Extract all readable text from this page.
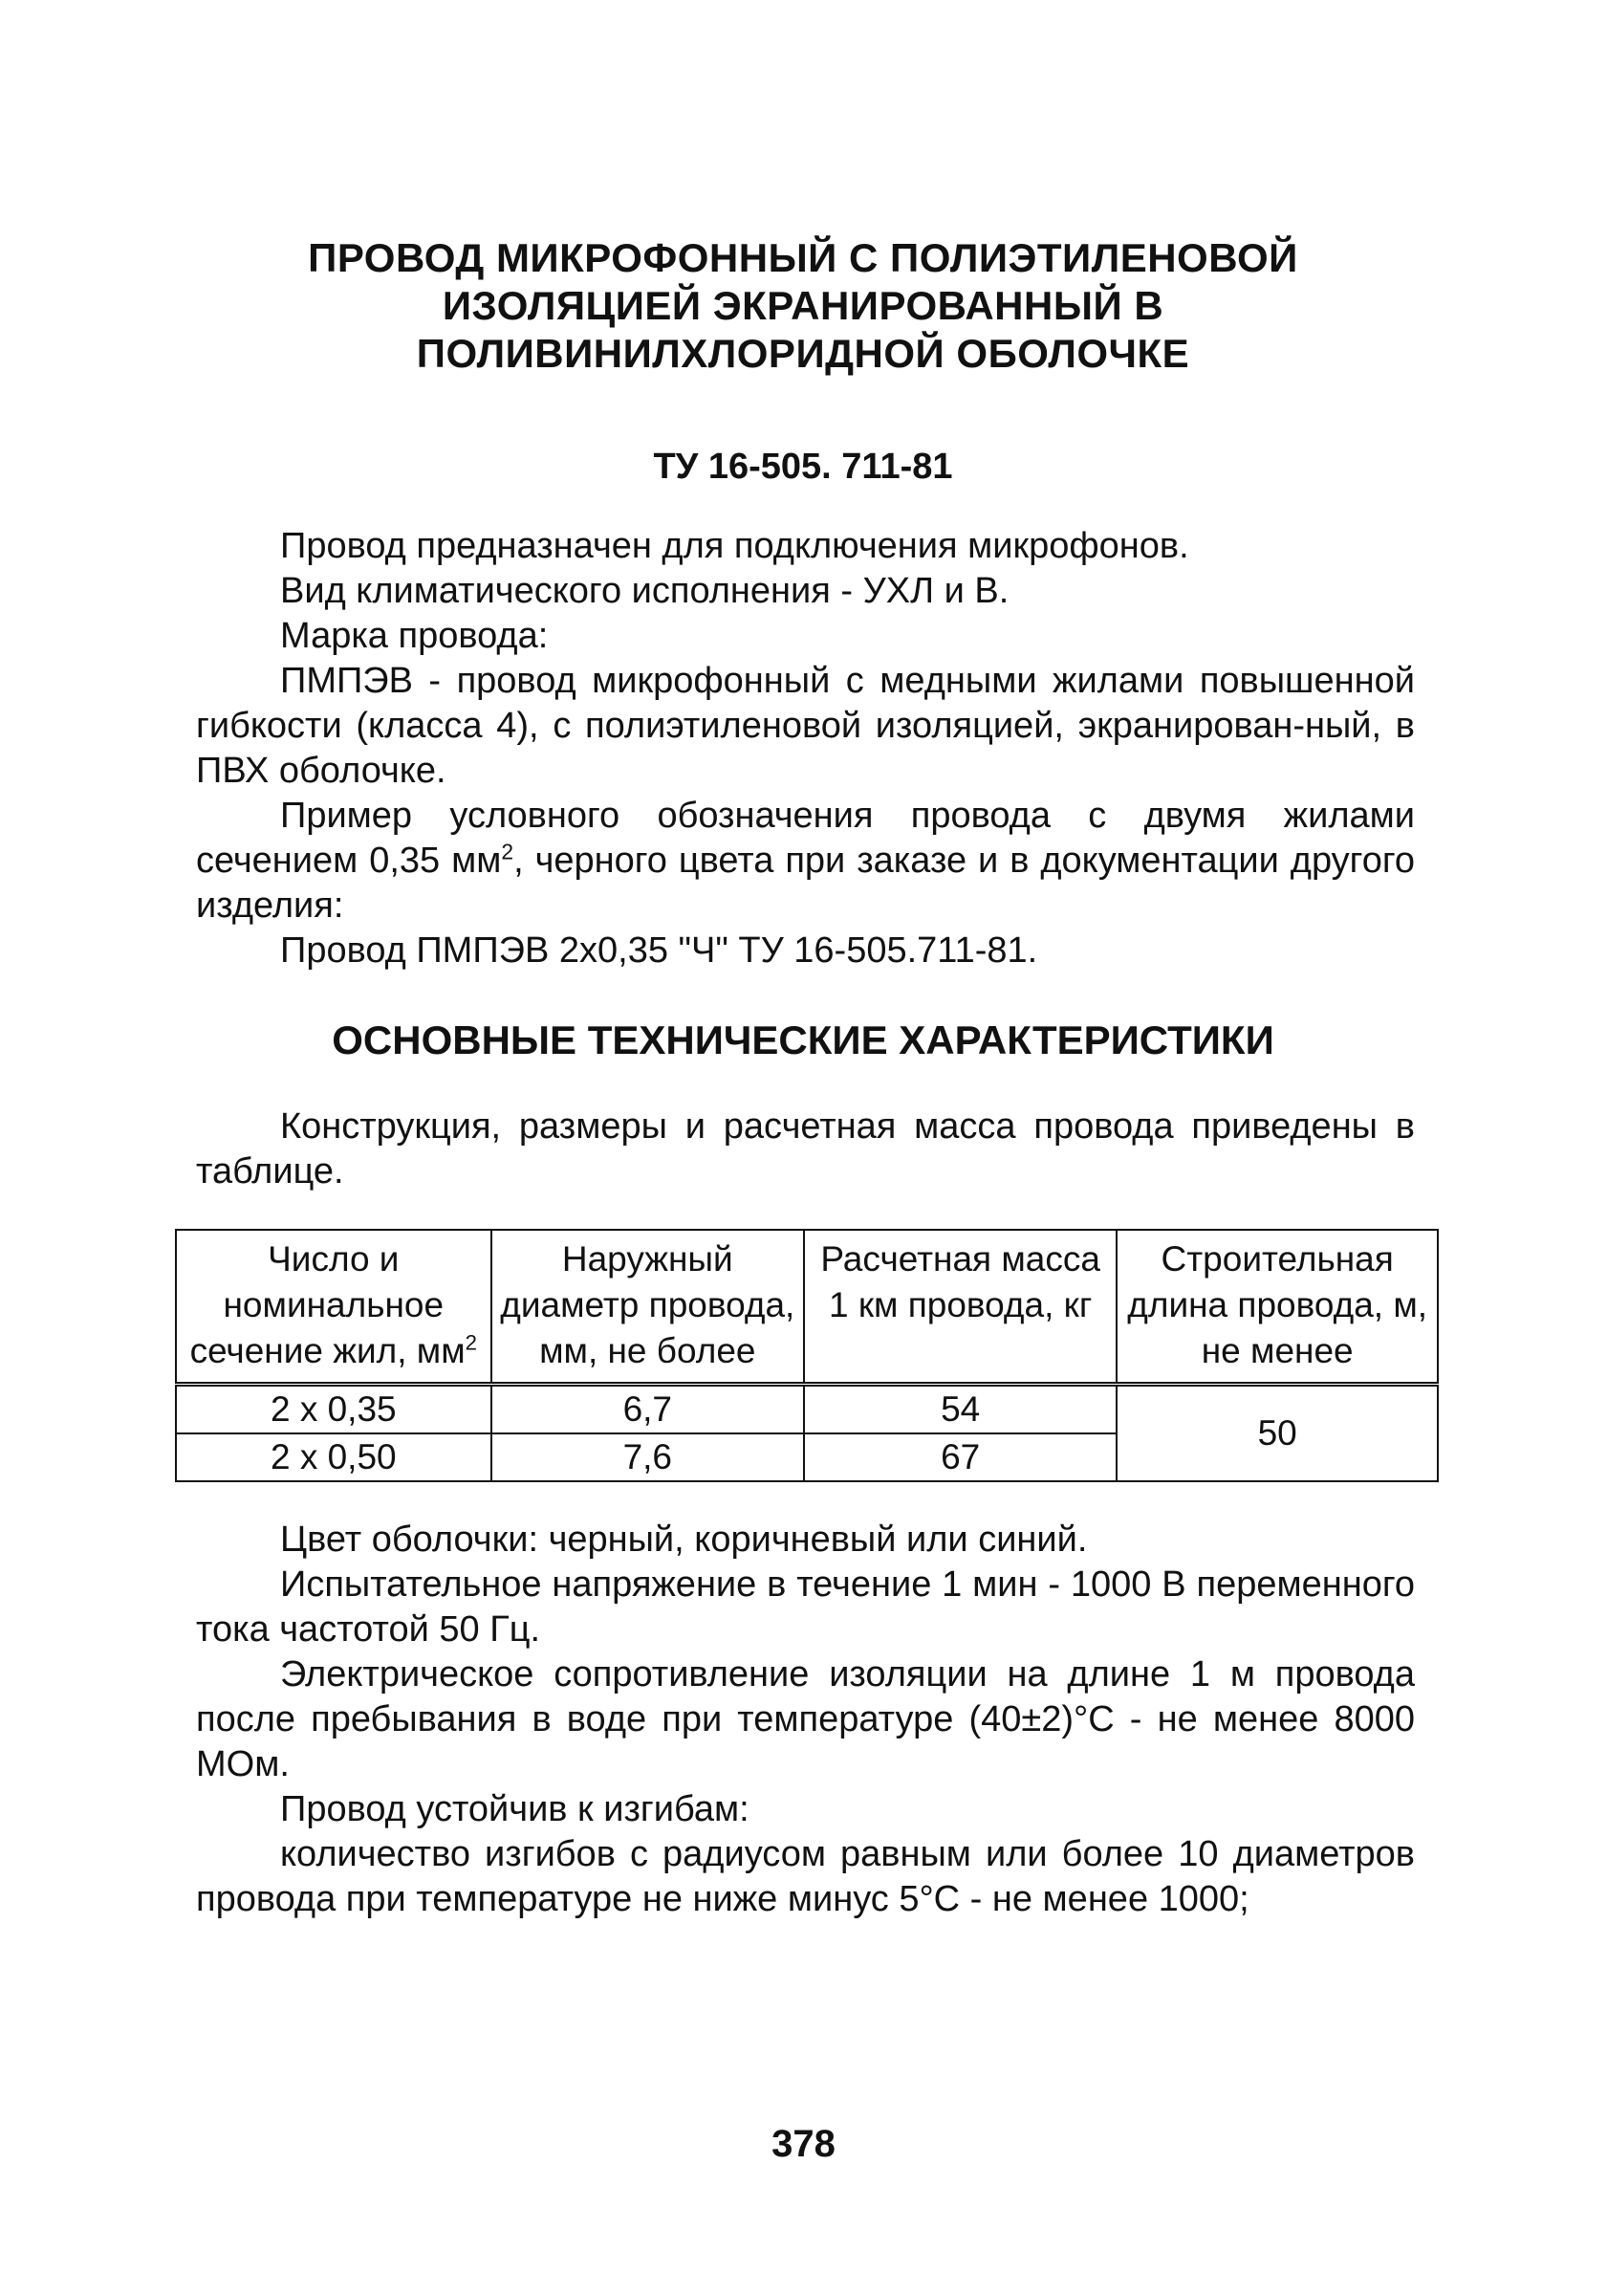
ПРОВОД МИКРОФОННЫЙ С ПОЛИЭТИЛЕНОВОЙ
ИЗОЛЯЦИЕЙ ЭКРАНИРОВАННЫЙ В
ПОЛИВИНИЛХЛОРИДНОЙ ОБОЛОЧКЕ
ТУ 16-505. 711-81

Провод предназначен для подключения микрофонов.

Вид климатического исполнения - УХЛ и В.

Марка провода:

ПМПЭВ - провод микрофонный с медными жилами повышенной гибкости (класса 4), с полиэтиленовой изоляцией, экранирован-ный, в ПВХ оболочке.

Пример условного обозначения провода с двумя жилами сечением 0,35 $мм^2$, черного цвета при заказе и в документации другого изделия:

Провод ПМПЭВ 2х0,35 "Ч" ТУ 16-505.711-81.

ОСНОВНЫЕ ТЕХНИЧЕСКИЕ ХАРАКТЕРИСТИКИ

Конструкция, размеры и расчетная масса провода приведены в таблице.

Число и номинальное сечение жил, $мм^2$	Наружный диаметр провода, мм, не более	Расчетная масса 1 км провода, кг	Строительная длина провода, м, не менее
2 х 0,35	6,7	54	50
2 х 0,50	7,6	67	

Цвет оболочки: черный, коричневый или синий.

Испытательное напряжение в течение 1 мин - 1000 В переменного тока частотой 50 Гц.

Электрическое сопротивление изоляции на длине 1 м провода после пребывания в воде при температуре (40±2)°С - не менее 8000 МОм.

Провод устойчив к изгибам:

количество изгибов с радиусом равным или более 10 диаметров провода при температуре не ниже минус 5°С - не менее 1000;

378
